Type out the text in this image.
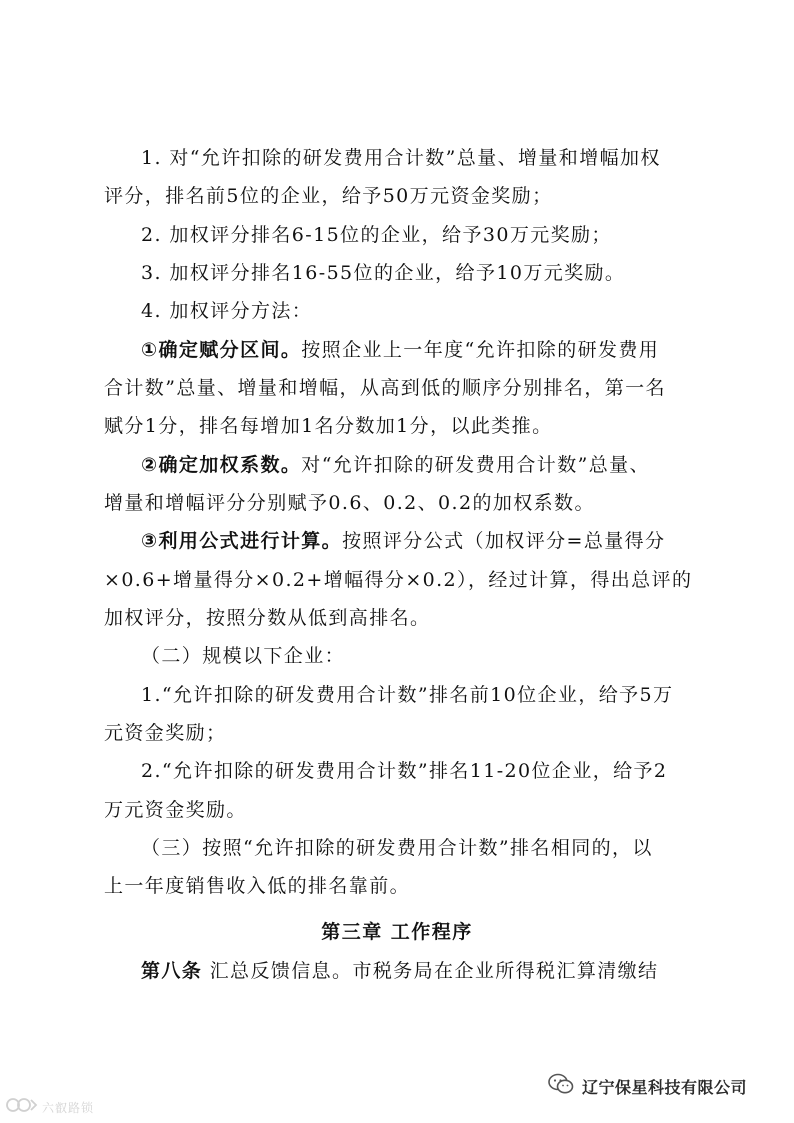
1. 对“允许扣除的研发费用合计数”总量、增量和增幅加权

评分，排名前5位的企业，给予50万元资金奖励；

2. 加权评分排名6-15位的企业，给予30万元奖励；

3. 加权评分排名16-55位的企业，给予10万元奖励。

4. 加权评分方法：

①确定赋分区间。按照企业上一年度“允许扣除的研发费用

合计数”总量、增量和增幅，从高到低的顺序分别排名，第一名

赋分1分，排名每增加1名分数加1分，以此类推。

②确定加权系数。对“允许扣除的研发费用合计数”总量、

增量和增幅评分分别赋予0.6、0.2、0.2的加权系数。

③利用公式进行计算。按照评分公式（加权评分=总量得分

×0.6+增量得分×0.2+增幅得分×0.2），经过计算，得出总评的

加权评分，按照分数从低到高排名。

（二）规模以下企业：

1.“允许扣除的研发费用合计数”排名前10位企业，给予5万

元资金奖励；

2.“允许扣除的研发费用合计数”排名11-20位企业，给予2

万元资金奖励。

（三）按照“允许扣除的研发费用合计数”排名相同的，以

上一年度销售收入低的排名靠前。

第三章 工作程序

第八条 汇总反馈信息。市税务局在企业所得税汇算清缴结

辽宁保星科技有限公司
六叡路锁
